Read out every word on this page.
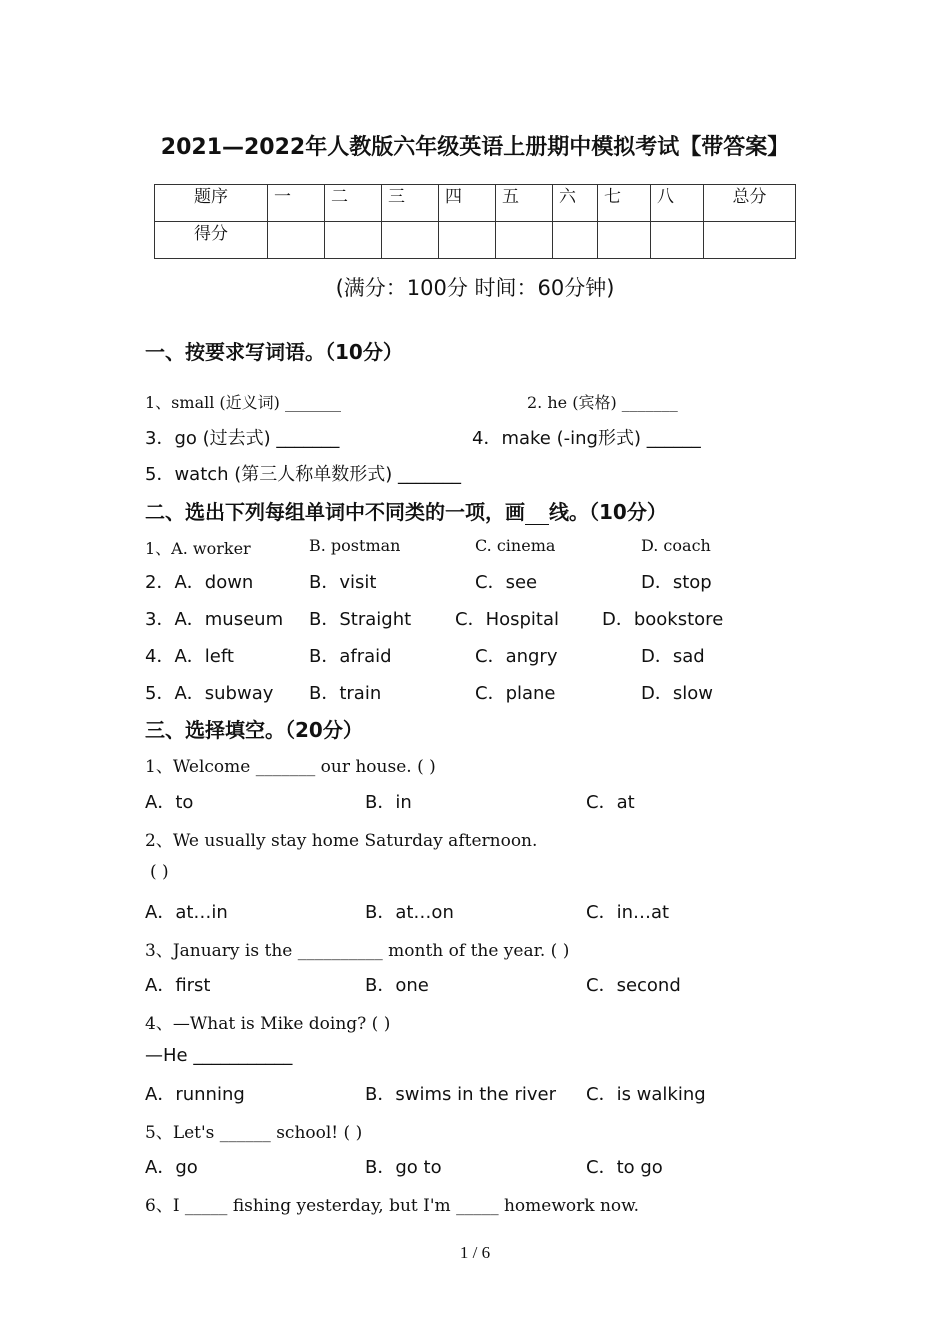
2021—2022年人教版六年级英语上册期中模拟考试【带答案】
题序	一	二	三	四	五	六	七	八	总分
得分									
(满分：100分 时间：60分钟)
一、按要求写词语。（10分）
1、small (近义词) _______	2. he (宾格) _______
3．go (过去式) _______	4．make (-ing形式) ______
5．watch (第三人称单数形式) _______
二、选出下列每组单词中不同类的一项，画 线。（10分）
1、A. worker	B. postman	C. cinema	D. coach
2．A．down	B．visit	C．see	D．stop
3．A．museum B．Straight C．Hospital D．bookstore
4．A．left	B．afraid	C．angry	D．sad
5．A．subway B．train	C．plane	D．slow
三、选择填空。（20分）
1、Welcome _______ our house. ( )
A．to	B．in	C．at
2、We usually stay home Saturday afternoon.
( )
A．at…in	B．at…on	C．in…at
3、January is the __________ month of the year. ( )
A．first	B．one	C．second
4、—What is Mike doing? ( )
—He ___________
A．running	B．swims in the river C．is walking
5、Let's ______ school! ( )
A．go	B．go to	C．to go
6、I _____ fishing yesterday, but I'm _____ homework now.
1 / 6
